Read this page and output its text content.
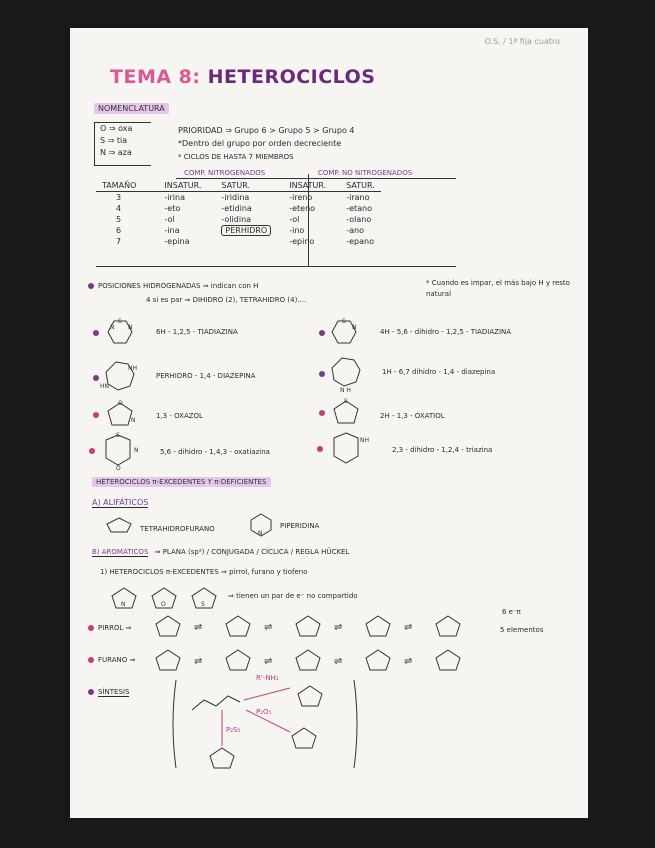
O.S. / 1ª fija cuatro
TEMA 8: HETEROCICLOS
NOMENCLATURA
O ⇒ oxa
S ⇒ tia
N ⇒ aza
PRIORIDAD ⇒ Grupo 6 > Grupo 5 > Grupo 4
*Dentro del grupo por orden decreciente
* CICLOS DE HASTA 7 MIEMBROS
COMP. NITROGENADOS	COMP. NO NITROGENADOS
TAMAÑO	INSATUR.	SATUR.	INSATUR.	SATUR.
3	-irina	-iridina	-ireno	-irano
4	-eto	-etidina	-eteno	-etano
5	-ol	-olidina	-ol	-olano
6	-ina	PERHIDRO	-ino	-ano
7	-epina		-epino	-epano
POSICIONES HIDROGENADAS ⇒ indican con H
4 si es par ⇒ DIHIDRO (2), TETRAHIDRO (4)....
* Cuando es impar, el más bajo H y resto natural
S
N
N
6H - 1,2,5 - TIADIAZINA
S
N
4H - 5,6 - dihidro - 1,2,5 - TIADIAZINA
NH
HN
PERHIDRO - 1,4 - DIAZEPINA
N H
1H - 6,7 dihidro - 1,4 - diazepina
O
N
1,3 - OXAZOL
S
2H - 1,3 - OXATIOL
S
N
O
5,6 - dihidro - 1,4,3 - oxatiazina
NH
2,3 - dihidro - 1,2,4 - triazina
HETEROCICLOS π-EXCEDENTES Y π-DEFICIENTES
A) ALIFÁTICOS
TETRAHIDROFURANO
N
PIPERIDINA
B) AROMÁTICOS ⇒ PLANA (sp²) / CONJUGADA / CÍCLICA / REGLA HÜCKEL
1) HETEROCICLOS π-EXCEDENTES ⇒ pirrol, furano y tiofeno
N	O	S
⇒ tienen un par de e⁻ no compartido
PIRROL ⇒	⇌	⇌	⇌	⇌
6 e⁻π
5 elementos
FURANO ⇒	⇌	⇌	⇌	⇌
SÍNTESIS
R'-NH₂
P₂S₅
P₂O₅
